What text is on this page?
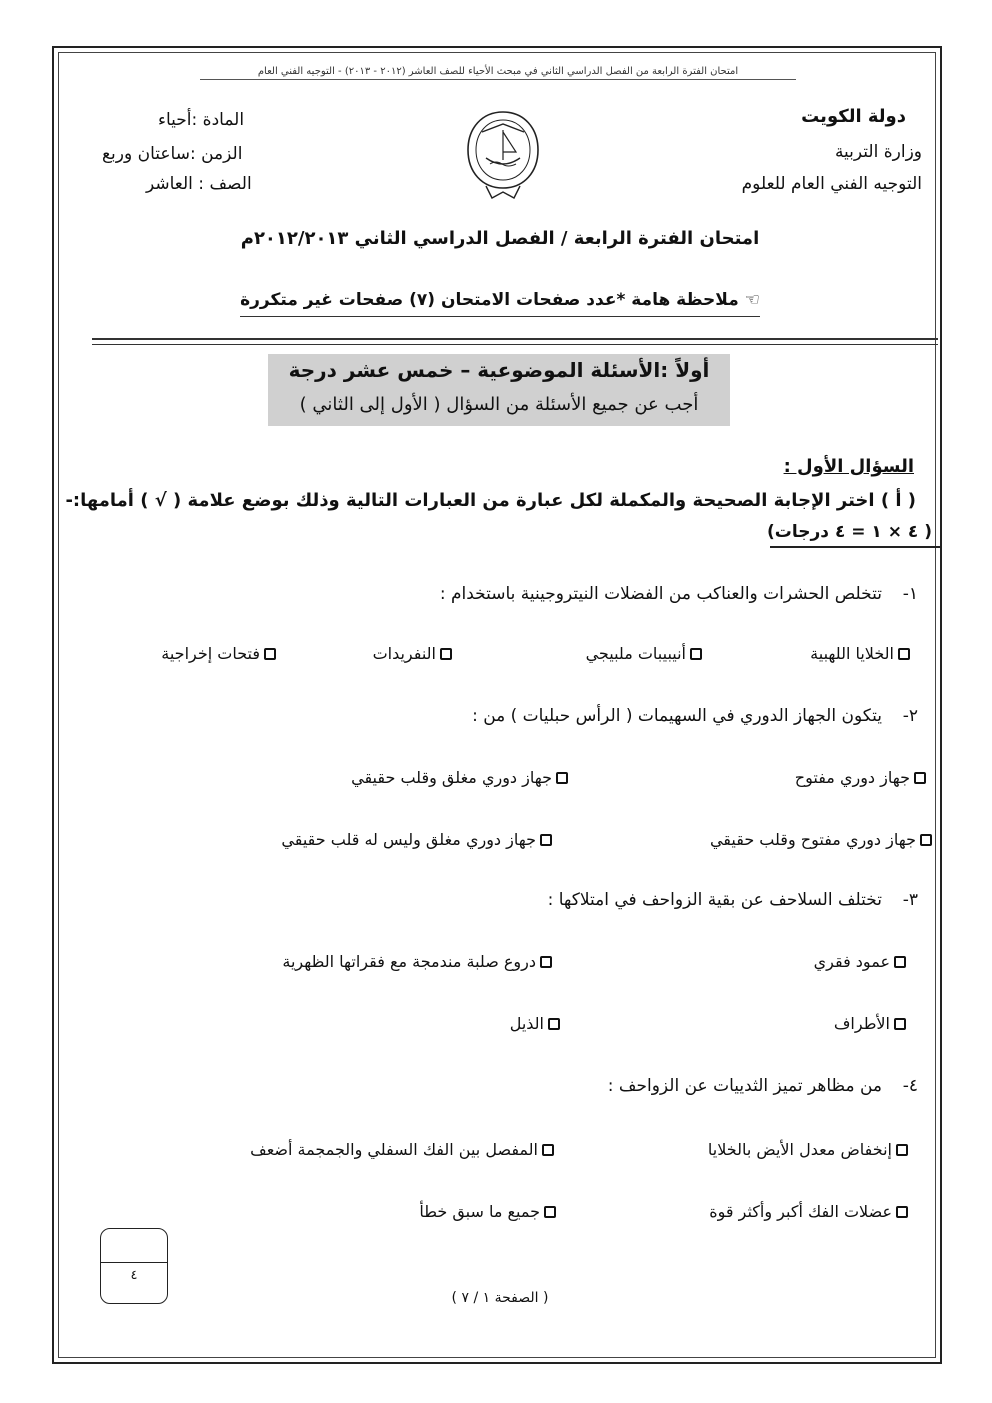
امتحان الفترة الرابعة من الفصل الدراسي الثاني في مبحث الأحياء للصف العاشر (٢٠١٢ - ٢٠١٣) - التوجيه الفني العام
دولة الكويت
وزارة التربية
التوجيه الفني العام للعلوم
المادة :أحياء
الزمن :ساعتان وربع
الصف : العاشر
امتحان الفترة الرابعة / الفصل الدراسي الثاني ٢٠١٢/٢٠١٣م
☜ ملاحظة هامة *عدد صفحات الامتحان (٧) صفحات غير متكررة
أولاً :الأسئلة الموضوعية – خمس عشر درجة
أجب عن جميع الأسئلة من السؤال ( الأول إلى الثاني )
السؤال الأول :
( أ ) اختر الإجابة الصحيحة والمكملة لكل عبارة من العبارات التالية وذلك بوضع علامة ( √ ) أمامها:-
( ٤ × ١ = ٤ درجات)
١-
تتخلص الحشرات والعناكب من الفضلات النيتروجينية باستخدام :
الخلايا اللهبية
أنيبيبات ملبيجي
النفريدات
فتحات إخراجية
٢-
يتكون الجهاز الدوري في السهيمات ( الرأس حبليات ) من :
جهاز دوري مفتوح
جهاز دوري مغلق وقلب حقيقي
جهاز دوري مفتوح وقلب حقيقي
جهاز دوري مغلق وليس له قلب حقيقي
٣-
تختلف السلاحف عن بقية الزواحف في امتلاكها :
عمود فقري
دروع صلبة مندمجة مع فقراتها الظهرية
الأطراف
الذيل
٤-
من مظاهر تميز الثدييات عن الزواحف :
إنخفاض معدل الأيض بالخلايا
المفصل بين الفك السفلي والجمجمة أضعف
عضلات الفك أكبر وأكثر قوة
جميع ما سبق خطأ
٤
( الصفحة ١ / ٧ )
